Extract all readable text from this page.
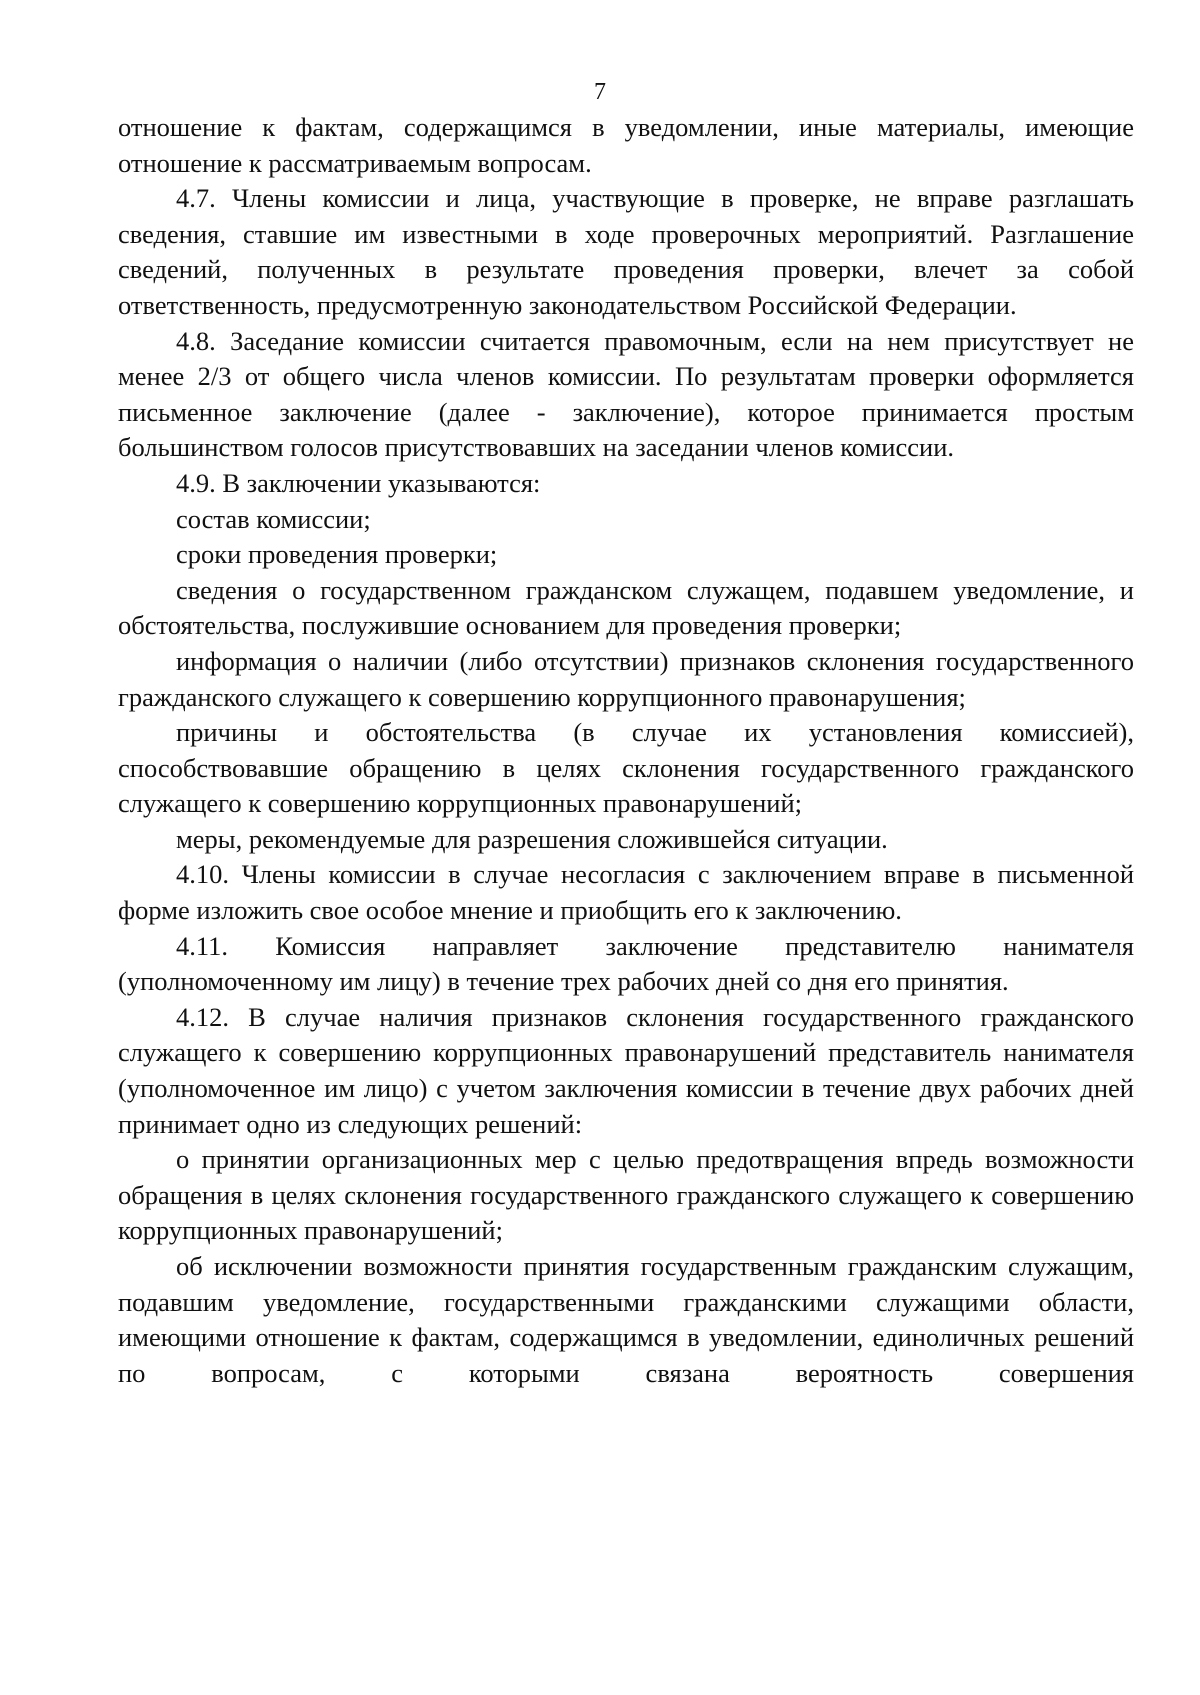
7

отношение к фактам, содержащимся в уведомлении, иные материалы, имеющие отношение к рассматриваемым вопросам.

4.7. Члены комиссии и лица, участвующие в проверке, не вправе разглашать сведения, ставшие им известными в ходе проверочных мероприятий. Разглашение сведений, полученных в результате проведения проверки, влечет за собой ответственность, предусмотренную законодательством Российской Федерации.

4.8. Заседание комиссии считается правомочным, если на нем присутствует не менее 2/3 от общего числа членов комиссии. По результатам проверки оформляется письменное заключение (далее - заключение), которое принимается простым большинством голосов присутствовавших на заседании членов комиссии.

4.9. В заключении указываются:

состав комиссии;

сроки проведения проверки;

сведения о государственном гражданском служащем, подавшем уведомление, и обстоятельства, послужившие основанием для проведения проверки;

информация о наличии (либо отсутствии) признаков склонения государственного гражданского служащего к совершению коррупционного правонарушения;

причины и обстоятельства (в случае их установления комиссией), способствовавшие обращению в целях склонения государственного гражданского служащего к совершению коррупционных правонарушений;

меры, рекомендуемые для разрешения сложившейся ситуации.

4.10. Члены комиссии в случае несогласия с заключением вправе в письменной форме изложить свое особое мнение и приобщить его к заключению.

4.11. Комиссия направляет заключение представителю нанимателя (уполномоченному им лицу) в течение трех рабочих дней со дня его принятия.

4.12. В случае наличия признаков склонения государственного гражданского служащего к совершению коррупционных правонарушений представитель нанимателя (уполномоченное им лицо) с учетом заключения комиссии в течение двух рабочих дней принимает одно из следующих решений:

о принятии организационных мер с целью предотвращения впредь возможности обращения в целях склонения государственного гражданского служащего к совершению коррупционных правонарушений;

об исключении возможности принятия государственным гражданским служащим, подавшим уведомление, государственными гражданскими служащими области, имеющими отношение к фактам, содержащимся в уведомлении, единоличных решений по вопросам, с которыми связана вероятность совершения
